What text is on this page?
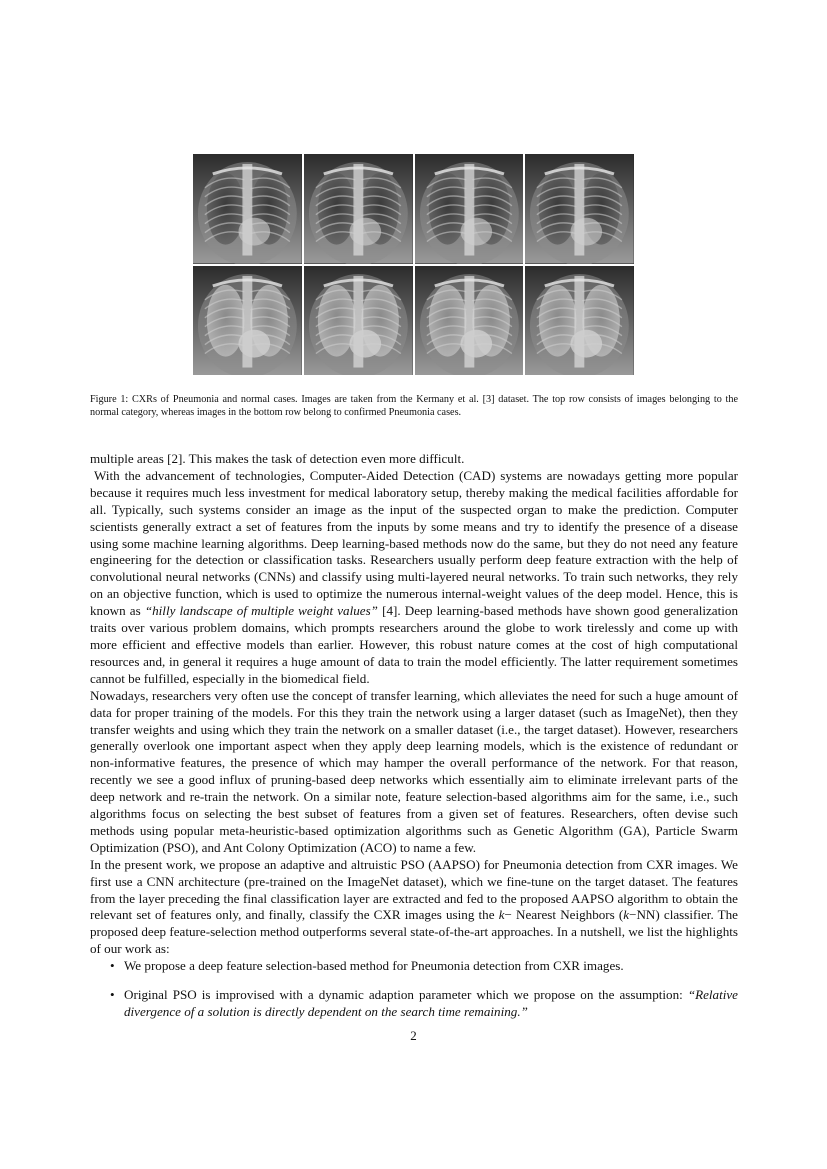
Figure 1: CXRs of Pneumonia and normal cases. Images are taken from the Kermany et al. [3] dataset. The top row consists of images belonging to the normal category, whereas images in the bottom row belong to confirmed Pneumonia cases.

multiple areas [2]. This makes the task of detection even more difficult.

With the advancement of technologies, Computer-Aided Detection (CAD) systems are nowadays getting more popular because it requires much less investment for medical laboratory setup, thereby making the medical facilities affordable for all. Typically, such systems consider an image as the input of the suspected organ to make the prediction. Computer scientists generally extract a set of features from the inputs by some means and try to identify the presence of a disease using some machine learning algorithms. Deep learning-based methods now do the same, but they do not need any feature engineering for the detection or classification tasks. Researchers usually perform deep feature extraction with the help of convolutional neural networks (CNNs) and classify using multi-layered neural networks. To train such networks, they rely on an objective function, which is used to optimize the numerous internal-weight values of the deep model. Hence, this is known as “hilly landscape of multiple weight values” [4]. Deep learning-based methods have shown good generalization traits over various problem domains, which prompts researchers around the globe to work tirelessly and come up with more efficient and effective models than earlier. However, this robust nature comes at the cost of high computational resources and, in general it requires a huge amount of data to train the model efficiently. The latter requirement sometimes cannot be fulfilled, especially in the biomedical field.

Nowadays, researchers very often use the concept of transfer learning, which alleviates the need for such a huge amount of data for proper training of the models. For this they train the network using a larger dataset (such as ImageNet), then they transfer weights and using which they train the network on a smaller dataset (i.e., the target dataset). However, researchers generally overlook one important aspect when they apply deep learning models, which is the existence of redundant or non-informative features, the presence of which may hamper the overall performance of the network. For that reason, recently we see a good influx of pruning-based deep networks which essentially aim to eliminate irrelevant parts of the deep network and re-train the network. On a similar note, feature selection-based algorithms aim for the same, i.e., such algorithms focus on selecting the best subset of features from a given set of features. Researchers, often devise such methods using popular meta-heuristic-based optimization algorithms such as Genetic Algorithm (GA), Particle Swarm Optimization (PSO), and Ant Colony Optimization (ACO) to name a few.

In the present work, we propose an adaptive and altruistic PSO (AAPSO) for Pneumonia detection from CXR images. We first use a CNN architecture (pre-trained on the ImageNet dataset), which we fine-tune on the target dataset. The features from the layer preceding the final classification layer are extracted and fed to the proposed AAPSO algorithm to obtain the relevant set of features only, and finally, classify the CXR images using the k− Nearest Neighbors (k−NN) classifier. The proposed deep feature-selection method outperforms several state-of-the-art approaches. In a nutshell, we list the highlights of our work as:

• We propose a deep feature selection-based method for Pneumonia detection from CXR images.
• Original PSO is improvised with a dynamic adaption parameter which we propose on the assumption: “Relative divergence of a solution is directly dependent on the search time remaining.”
2
